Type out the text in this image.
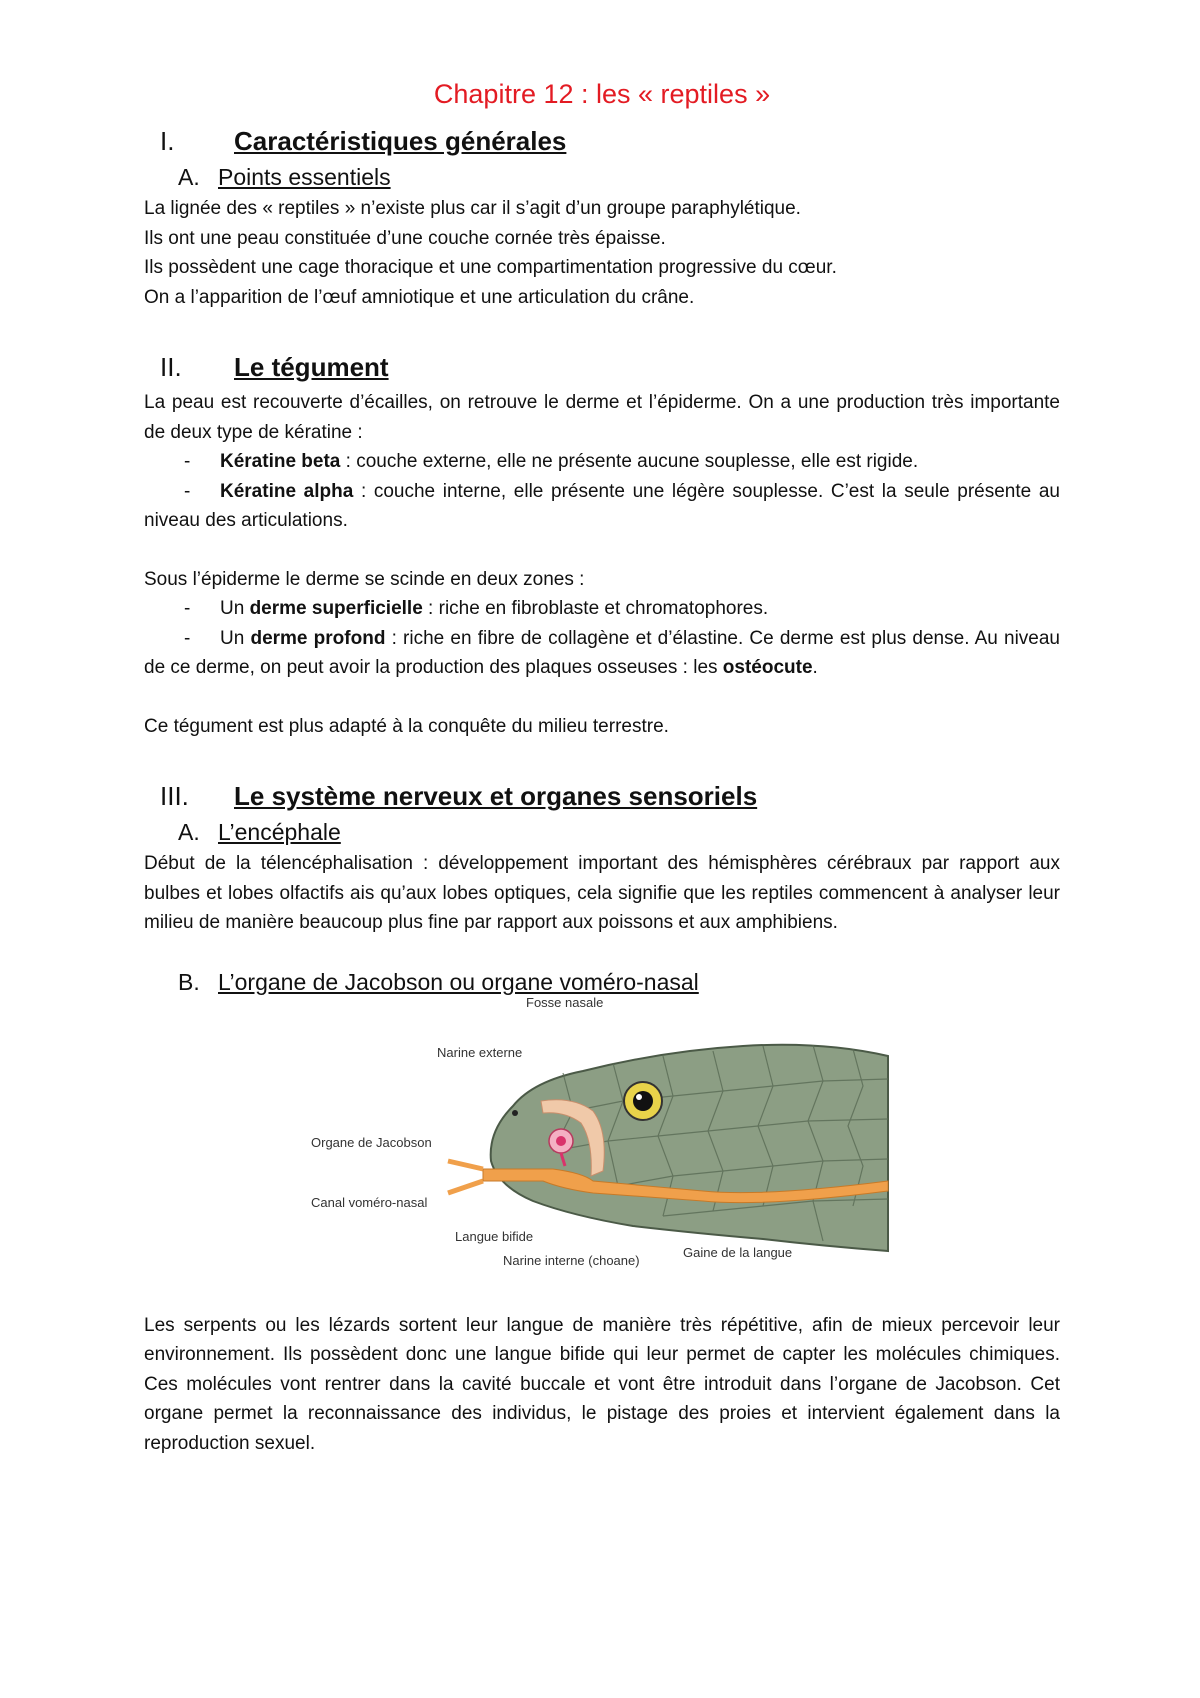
Chapitre 12 : les « reptiles »
I.	Caractéristiques générales
A. Points essentiels

La lignée des « reptiles » n’existe plus car il s’agit d’un groupe paraphylétique.

Ils ont une peau constituée d’une couche cornée très épaisse.

Ils possèdent une cage thoracique et une compartimentation progressive du cœur.

On a l’apparition de l’œuf amniotique et une articulation du crâne.

II.	Le tégument

La peau est recouverte d’écailles, on retrouve le derme et l’épiderme. On a une production très importante de deux type de kératine :

- Kératine beta : couche externe, elle ne présente aucune souplesse, elle est rigide.

- Kératine alpha : couche interne, elle présente une légère souplesse. C’est la seule présente au niveau des articulations.

Sous l’épiderme le derme se scinde en deux zones :

- Un derme superficielle : riche en fibroblaste et chromatophores.

- Un derme profond : riche en fibre de collagène et d’élastine. Ce derme est plus dense. Au niveau de ce derme, on peut avoir la production des plaques osseuses : les ostéocute.

Ce tégument est plus adapté à la conquête du milieu terrestre.

III.	Le système nerveux et organes sensoriels
A. L’encéphale

Début de la télencéphalisation : développement important des hémisphères cérébraux par rapport aux bulbes et lobes olfactifs ais qu’aux lobes optiques, cela signifie que les reptiles commencent à analyser leur milieu de manière beaucoup plus fine par rapport aux poissons et aux amphibiens.

B. L’organe de Jacobson ou organe voméro-nasal
Fosse nasale
Narine externe
Organe de Jacobson
Canal voméro-nasal
Langue bifide
Narine interne (choane)
Gaine de la langue

Les serpents ou les lézards sortent leur langue de manière très répétitive, afin de mieux percevoir leur environnement. Ils possèdent donc une langue bifide qui leur permet de capter les molécules chimiques. Ces molécules vont rentrer dans la cavité buccale et vont être introduit dans l’organe de Jacobson. Cet organe permet la reconnaissance des individus, le pistage des proies et intervient également dans la reproduction sexuel.
